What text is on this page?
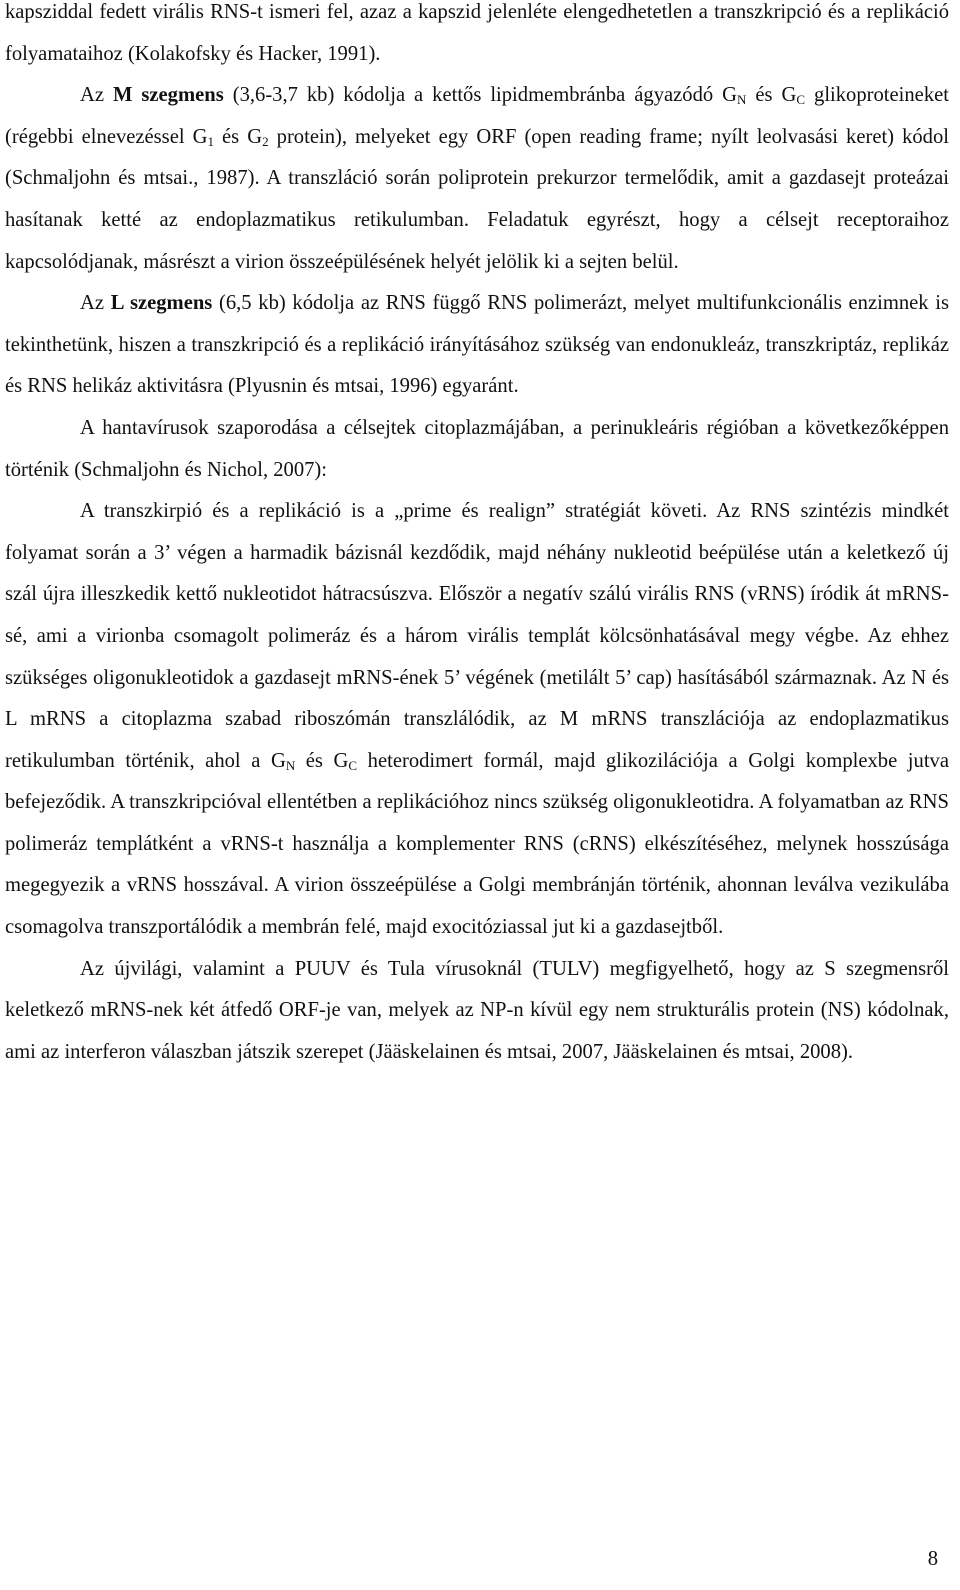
kapsziddal fedett virális RNS-t ismeri fel, azaz a kapszid jelenléte elengedhetetlen a transzkripció és a replikáció folyamataihoz (Kolakofsky és Hacker, 1991).

Az M szegmens (3,6-3,7 kb) kódolja a kettős lipidmembránba ágyazódó $G_N$ és $G_C$ glikoproteineket (régebbi elnevezéssel $G_1$ és $G_2$ protein), melyeket egy ORF (open reading frame; nyílt leolvasási keret) kódol (Schmaljohn és mtsai., 1987). A transzláció során poliprotein prekurzor termelődik, amit a gazdasejt proteázai hasítanak ketté az endoplazmatikus retikulumban. Feladatuk egyrészt, hogy a célsejt receptoraihoz kapcsolódjanak, másrészt a virion összeépülésének helyét jelölik ki a sejten belül.

Az L szegmens (6,5 kb) kódolja az RNS függő RNS polimerázt, melyet multifunkcionális enzimnek is tekinthetünk, hiszen a transzkripció és a replikáció irányításához szükség van endonukleáz, transzkriptáz, replikáz és RNS helikáz aktivitásra (Plyusnin és mtsai, 1996) egyaránt.

A hantavírusok szaporodása a célsejtek citoplazmájában, a perinukleáris régióban a következőképpen történik (Schmaljohn és Nichol, 2007):

A transzkirpió és a replikáció is a „prime és realign” stratégiát követi. Az RNS szintézis mindkét folyamat során a 3’ végen a harmadik bázisnál kezdődik, majd néhány nukleotid beépülése után a keletkező új szál újra illeszkedik kettő nukleotidot hátracsúszva. Először a negatív szálú virális RNS (vRNS) íródik át mRNS-sé, ami a virionba csomagolt polimeráz és a három virális templát kölcsönhatásával megy végbe. Az ehhez szükséges oligonukleotidok a gazdasejt mRNS-ének 5’ végének (metilált 5’ cap) hasításából származnak. Az N és L mRNS a citoplazma szabad riboszómán transzlálódik, az M mRNS transzlációja az endoplazmatikus retikulumban történik, ahol a $G_N$ és $G_C$ heterodimert formál, majd glikozilációja a Golgi komplexbe jutva befejeződik. A transzkripcióval ellentétben a replikációhoz nincs szükség oligonukleotidra. A folyamatban az RNS polimeráz templátként a vRNS-t használja a komplementer RNS (cRNS) elkészítéséhez, melynek hosszúsága megegyezik a vRNS hosszával. A virion összeépülése a Golgi membránján történik, ahonnan leválva vezikulába csomagolva transzportálódik a membrán felé, majd exocitóziassal jut ki a gazdasejtből.

Az újvilági, valamint a PUUV és Tula vírusoknál (TULV) megfigyelhető, hogy az S szegmensről keletkező mRNS-nek két átfedő ORF-je van, melyek az NP-n kívül egy nem strukturális protein (NS) kódolnak, ami az interferon válaszban játszik szerepet (Jääskelainen és mtsai, 2007, Jääskelainen és mtsai, 2008).

8
